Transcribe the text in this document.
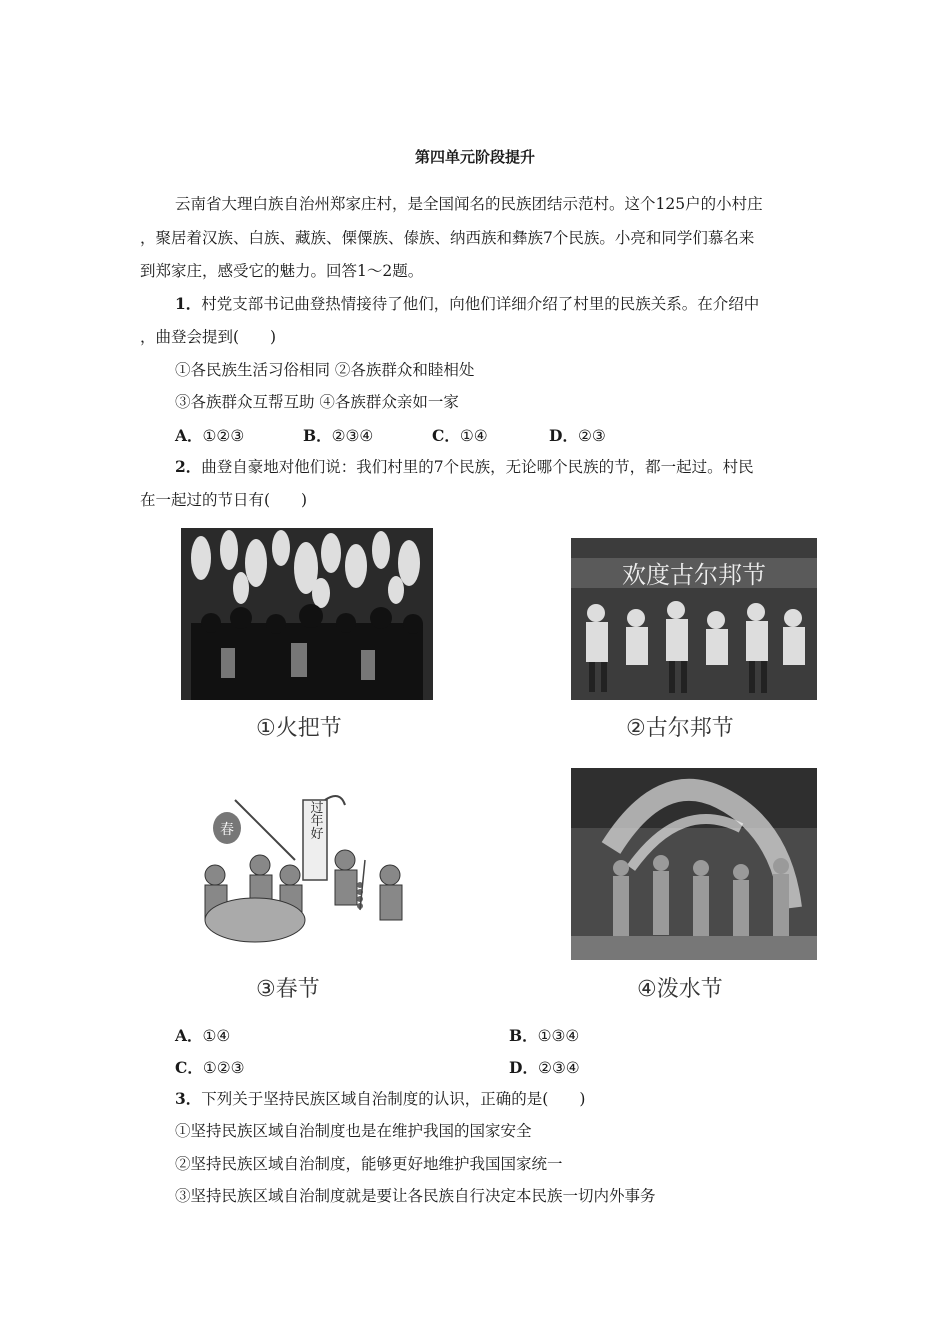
第四单元阶段提升
云南省大理白族自治州郑家庄村，是全国闻名的民族团结示范村。这个125户的小村庄
，聚居着汉族、白族、藏族、傈僳族、傣族、纳西族和彝族7个民族。小亮和同学们慕名来
到郑家庄，感受它的魅力。回答1～2题。
1．村党支部书记曲登热情接待了他们，向他们详细介绍了村里的民族关系。在介绍中
，曲登会提到(　　)
①各民族生活习俗相同 ②各族群众和睦相处
③各族群众互帮互助 ④各族群众亲如一家
A．①②③	B．②③④	C．①④	D．②③
2．曲登自豪地对他们说：我们村里的7个民族，无论哪个民族的节，都一起过。村民
在一起过的节日有(　　)
①火把节
欢度古尔邦节
②古尔邦节
春	过年好
③春节	④泼水节
A．①④	B．①③④
C．①②③	D．②③④
3．下列关于坚持民族区域自治制度的认识，正确的是(　　)
①坚持民族区域自治制度也是在维护我国的国家安全
②坚持民族区域自治制度，能够更好地维护我国国家统一
③坚持民族区域自治制度就是要让各民族自行决定本民族一切内外事务
